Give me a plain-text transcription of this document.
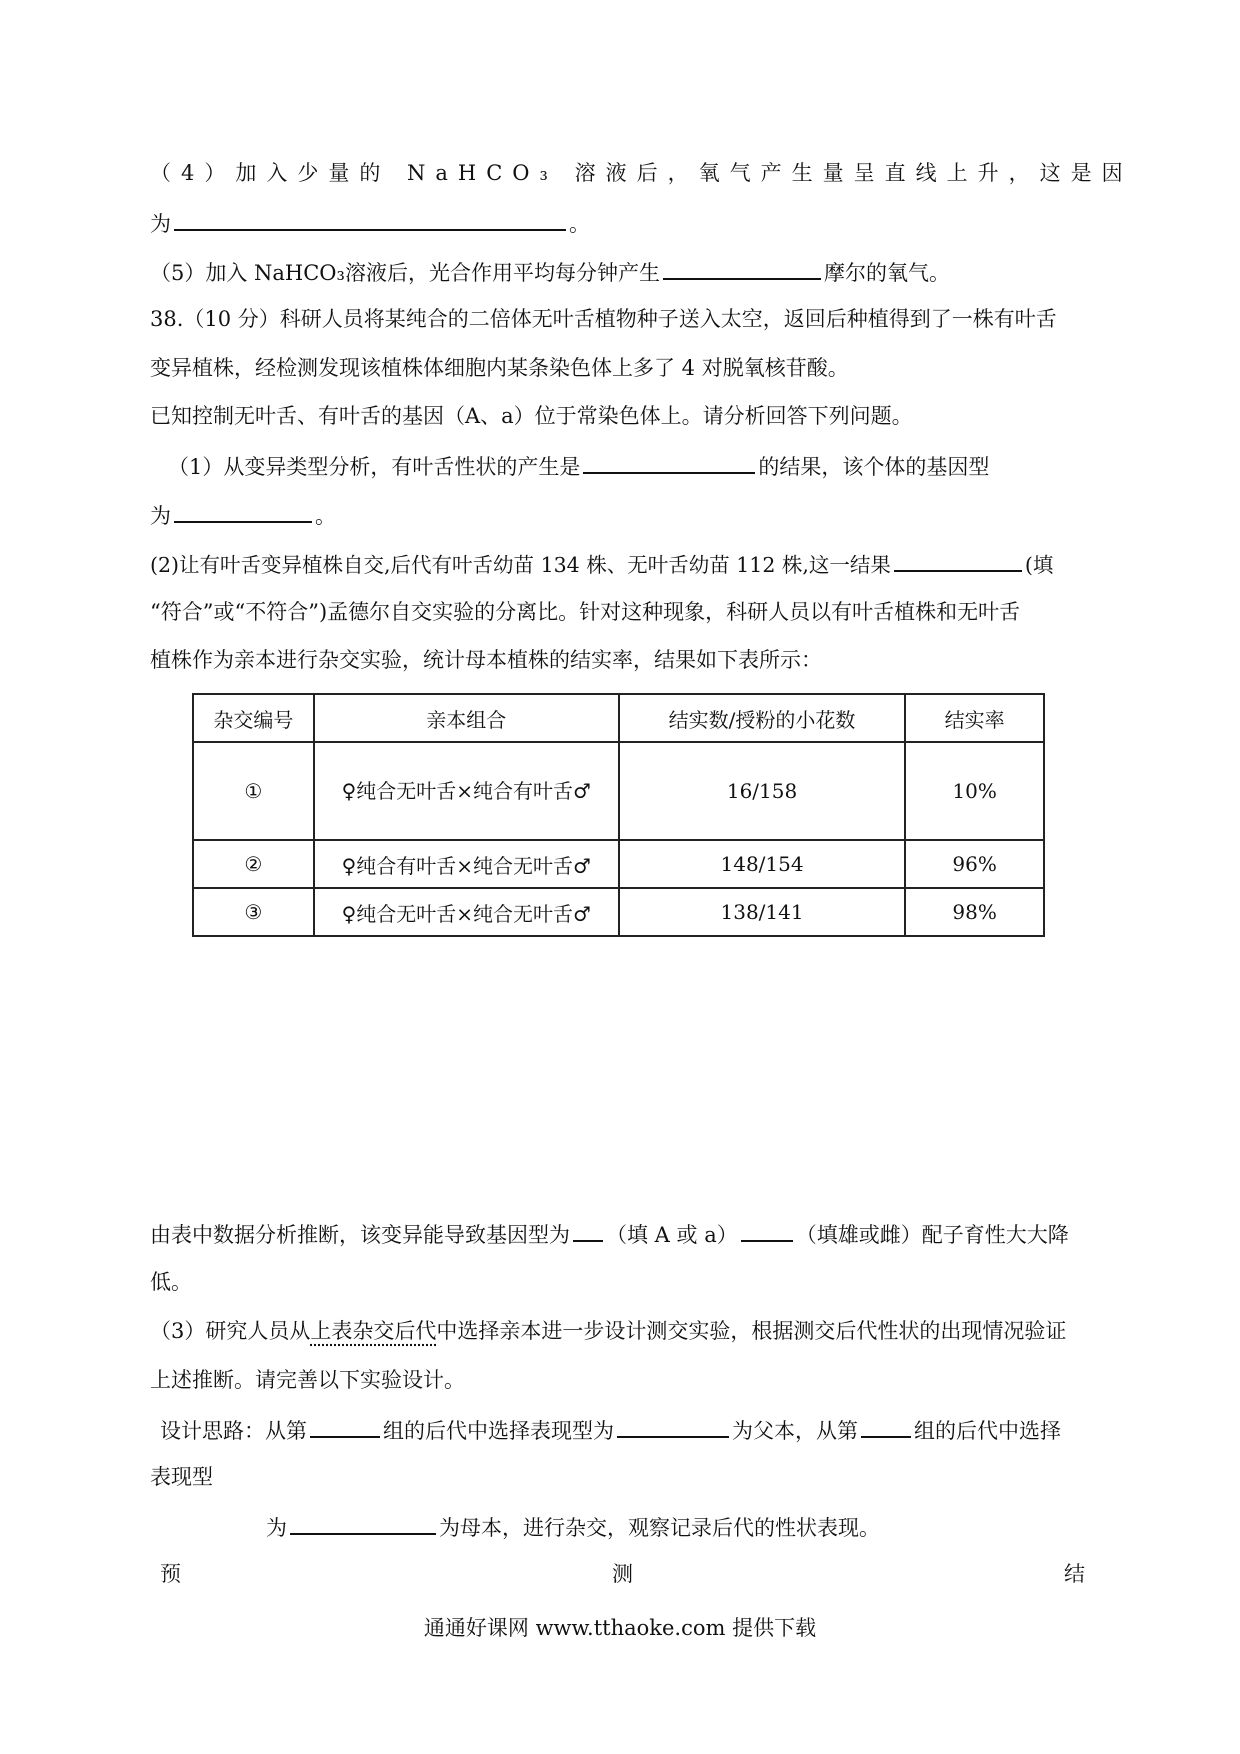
（4）加入少量的 NaHCO₃ 溶液后，氧气产生量呈直线上升，这是因
为	。
（5）加入 NaHCO₃溶液后，光合作用平均每分钟产生	摩尔的氧气。
38.（10 分）科研人员将某纯合的二倍体无叶舌植物种子送入太空，返回后种植得到了一株有叶舌
变异植株，经检测发现该植株体细胞内某条染色体上多了 4 对脱氧核苷酸。
已知控制无叶舌、有叶舌的基因（A、a）位于常染色体上。请分析回答下列问题。
（1）从变异类型分析，有叶舌性状的产生是	的结果，该个体的基因型
为	。
(2)让有叶舌变异植株自交,后代有叶舌幼苗 134 株、无叶舌幼苗 112 株,这一结果	(填
“符合”或“不符合”)孟德尔自交实验的分离比。针对这种现象，科研人员以有叶舌植株和无叶舌
植株作为亲本进行杂交实验，统计母本植株的结实率，结果如下表所示：
杂交编号	亲本组合	结实数/授粉的小花数	结实率
①	♀纯合无叶舌×纯合有叶舌♂	16/158	10%
②	♀纯合有叶舌×纯合无叶舌♂	148/154	96%
③	♀纯合无叶舌×纯合无叶舌♂	138/141	98%
由表中数据分析推断，该变异能导致基因型为 （填 A 或 a）	（填雄或雌）配子育性大大降
低。
（3）研究人员从上表杂交后代中选择亲本进一步设计测交实验，根据测交后代性状的出现情况验证
上述推断。请完善以下实验设计。
设计思路：从第	组的后代中选择表现型为	为父本，从第	组的后代中选择
表现型
为	为母本，进行杂交，观察记录后代的性状表现。
预	测	结
通通好课网 www.tthaoke.com 提供下载
